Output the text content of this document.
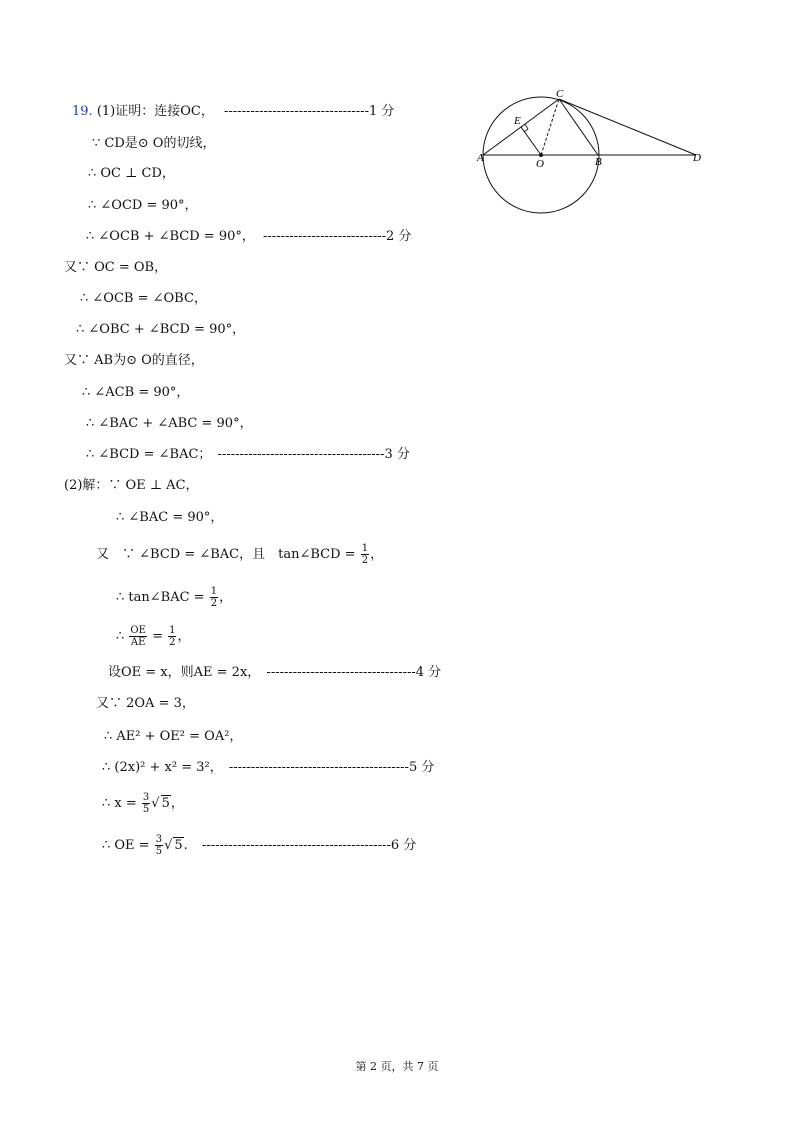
19. (1)证明：连接OC， ---------------------------------1 分
∵ CD是⊙ O的切线，
∴ OC ⊥ CD，
∴ ∠OCD = 90°，
∴ ∠OCB + ∠BCD = 90°， ----------------------------2 分
又∵ OC = OB，
∴ ∠OCB = ∠OBC，
∴ ∠OBC + ∠BCD = 90°，
又∵ AB为⊙ O的直径，
∴ ∠ACB = 90°，
∴ ∠BAC + ∠ABC = 90°，
∴ ∠BCD = ∠BAC； --------------------------------------3 分
(2)解：∵ OE ⊥ AC，
∴ ∠BAC = 90°，
又　∵ ∠BCD = ∠BAC，且　tan∠BCD = $\frac{1}{2}$ ，
∴ tan∠BAC = $\frac{1}{2}$ ，
∴ $\frac{OE}{AE} = \frac{1}{2}$ ，
设OE = x，则AE = 2x， ----------------------------------4 分
又∵ 2OA = 3，
∴ AE² + OE² = OA²，
∴ (2x)² + x² = 3²， -----------------------------------------5 分
∴ $x = \frac{3}{5}$ √ 5，
∴ OE = $\frac{3}{5}$ √ 5. -------------------------------------------6 分
A	B
C
D
E
O
第 2 页，共 7 页
